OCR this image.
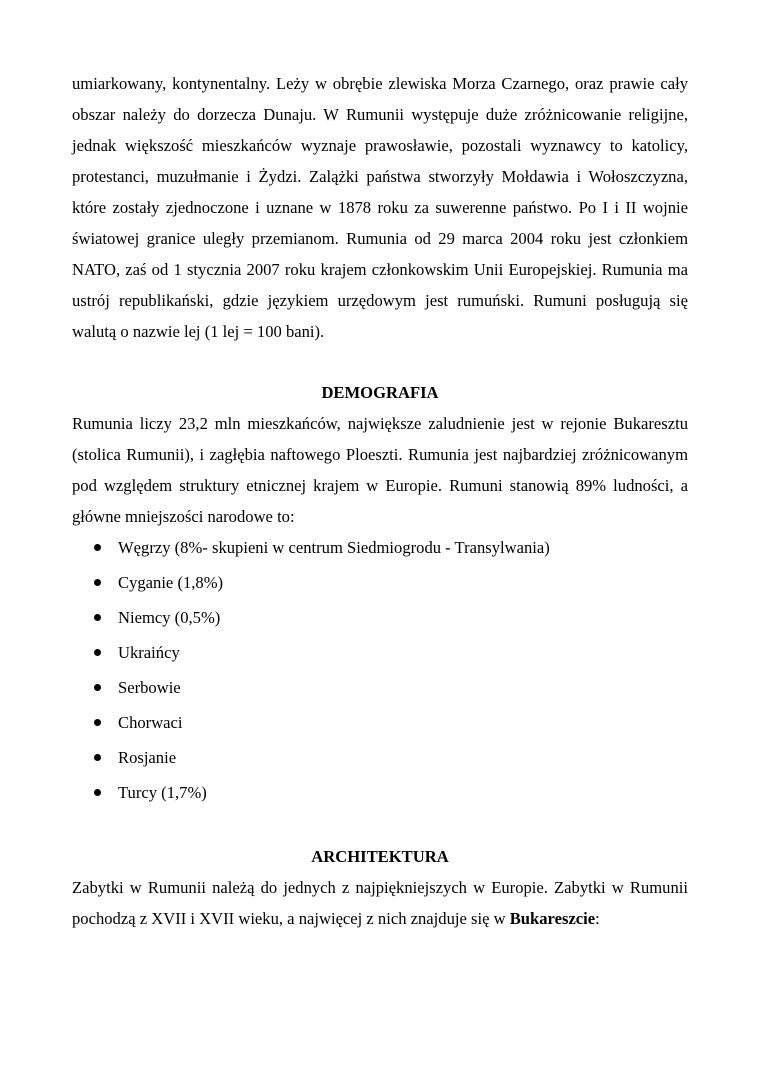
umiarkowany, kontynentalny. Leży w obrębie zlewiska Morza Czarnego, oraz prawie cały obszar należy do dorzecza Dunaju. W Rumunii występuje duże zróżnicowanie religijne, jednak większość mieszkańców wyznaje prawosławie, pozostali wyznawcy to katolicy, protestanci, muzułmanie i Żydzi. Zalążki państwa stworzyły Mołdawia i Wołoszczyzna, które zostały zjednoczone i uznane w 1878 roku za suwerenne państwo. Po I i II wojnie światowej granice uległy przemianom. Rumunia od 29 marca 2004 roku jest członkiem NATO, zaś od 1 stycznia 2007 roku krajem członkowskim Unii Europejskiej. Rumunia ma ustrój republikański, gdzie językiem urzędowym jest rumuński. Rumuni posługują się walutą o nazwie lej (1 lej = 100 bani).

DEMOGRAFIA

Rumunia liczy 23,2 mln mieszkańców, największe zaludnienie jest w rejonie Bukaresztu (stolica Rumunii), i zagłębia naftowego Ploeszti. Rumunia jest najbardziej zróżnicowanym pod względem struktury etnicznej krajem w Europie. Rumuni stanowią 89% ludności, a główne mniejszości narodowe to:

Węgrzy (8%- skupieni w centrum Siedmiogrodu - Transylwania)
Cyganie (1,8%)
Niemcy (0,5%)
Ukraińcy
Serbowie
Chorwaci
Rosjanie
Turcy (1,7%)
ARCHITEKTURA

Zabytki w Rumunii należą do jednych z najpiękniejszych w Europie. Zabytki w Rumunii pochodzą z XVII i XVII wieku, a najwięcej z nich znajduje się w Bukareszcie:
